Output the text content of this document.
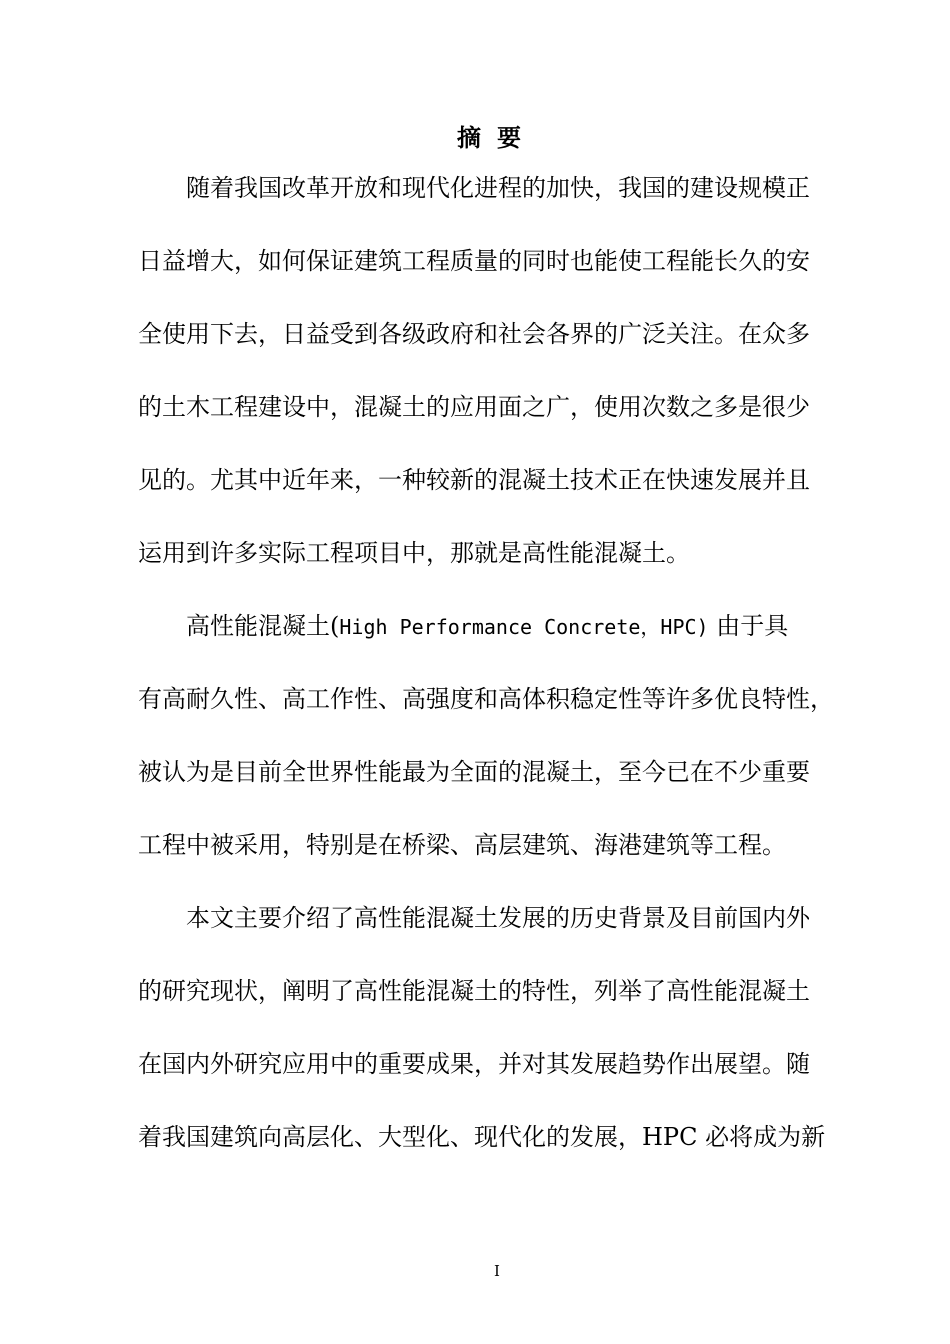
摘要
随着我国改革开放和现代化进程的加快，我国的建设规模正
日益增大，如何保证建筑工程质量的同时也能使工程能长久的安
全使用下去，日益受到各级政府和社会各界的广泛关注。在众多
的土木工程建设中，混凝土的应用面之广，使用次数之多是很少
见的。尤其中近年来，一种较新的混凝土技术正在快速发展并且
运用到许多实际工程项目中，那就是高性能混凝土。
高性能混凝土(High Performance Concrete，HPC) 由于具
有高耐久性、高工作性、高强度和高体积稳定性等许多优良特性，
被认为是目前全世界性能最为全面的混凝土，至今已在不少重要
工程中被采用，特别是在桥梁、高层建筑、海港建筑等工程。
本文主要介绍了高性能混凝土发展的历史背景及目前国内外
的研究现状，阐明了高性能混凝土的特性，列举了高性能混凝土
在国内外研究应用中的重要成果，并对其发展趋势作出展望。随
着我国建筑向高层化、大型化、现代化的发展，HPC 必将成为新
I
